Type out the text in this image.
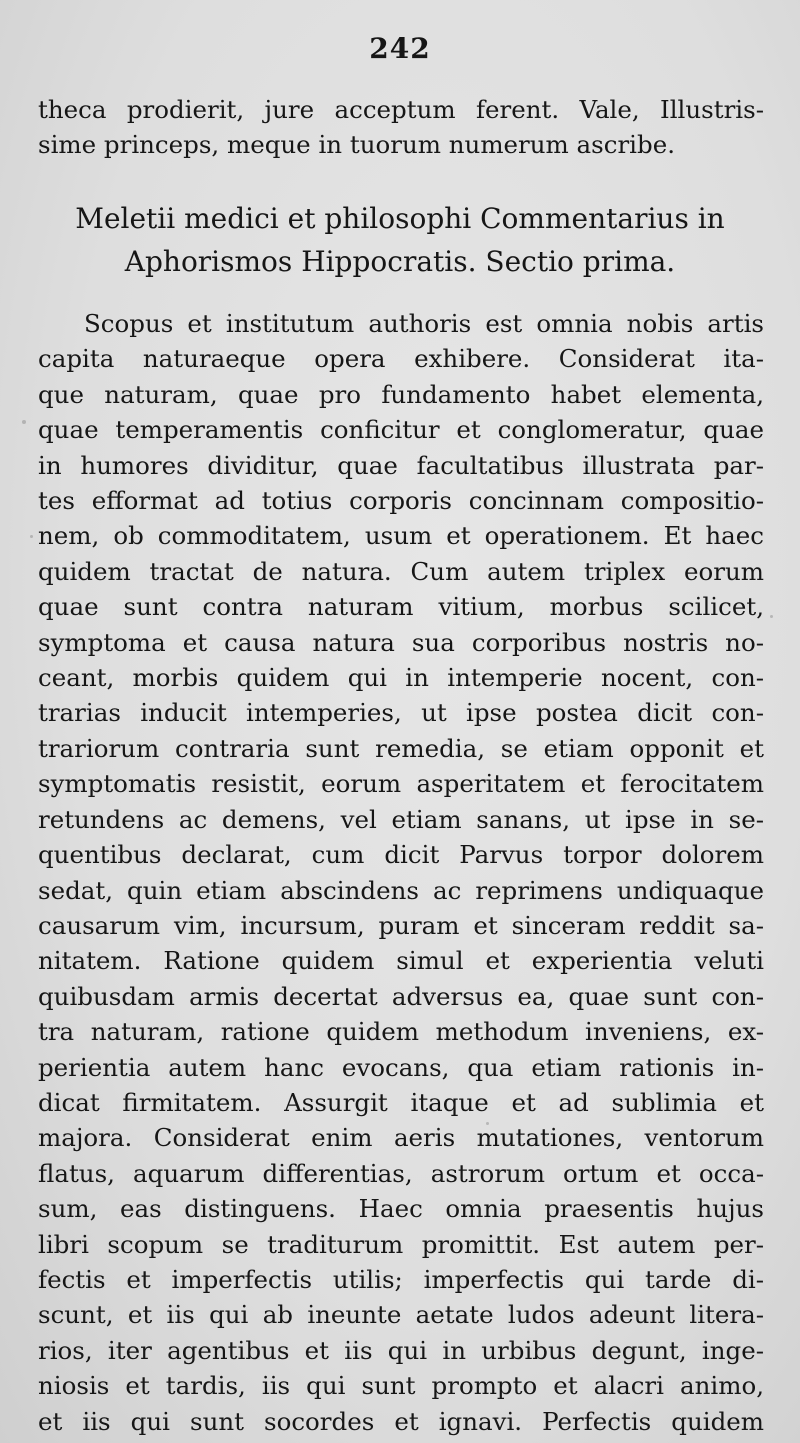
242
theca prodierit, jure acceptum ferent. Vale, Illustris-
sime princeps, meque in tuorum numerum ascribe.
Meletii medici et philosophi Commentarius in
Aphorismos Hippocratis. Sectio prima.
Scopus et institutum authoris est omnia nobis artis
capita naturaeque opera exhibere. Considerat ita-
que naturam, quae pro fundamento habet elementa,
quae temperamentis conficitur et conglomeratur, quae
in humores dividitur, quae facultatibus illustrata par-
tes efformat ad totius corporis concinnam compositio-
nem, ob commoditatem, usum et operationem. Et haec
quidem tractat de natura. Cum autem triplex eorum
quae sunt contra naturam vitium, morbus scilicet,
symptoma et causa natura sua corporibus nostris no-
ceant, morbis quidem qui in intemperie nocent, con-
trarias inducit intemperies, ut ipse postea dicit con-
trariorum contraria sunt remedia, se etiam opponit et
symptomatis resistit, eorum asperitatem et ferocitatem
retundens ac demens, vel etiam sanans, ut ipse in se-
quentibus declarat, cum dicit Parvus torpor dolorem
sedat, quin etiam abscindens ac reprimens undiquaque
causarum vim, incursum, puram et sinceram reddit sa-
nitatem. Ratione quidem simul et experientia veluti
quibusdam armis decertat adversus ea, quae sunt con-
tra naturam, ratione quidem methodum inveniens, ex-
perientia autem hanc evocans, qua etiam rationis in-
dicat firmitatem. Assurgit itaque et ad sublimia et
majora. Considerat enim aeris mutationes, ventorum
flatus, aquarum differentias, astrorum ortum et occa-
sum, eas distinguens. Haec omnia praesentis hujus
libri scopum se traditurum promittit. Est autem per-
fectis et imperfectis utilis; imperfectis qui tarde di-
scunt, et iis qui ab ineunte aetate ludos adeunt litera-
rios, iter agentibus et iis qui in urbibus degunt, inge-
niosis et tardis, iis qui sunt prompto et alacri animo,
et iis qui sunt socordes et ignavi. Perfectis quidem
